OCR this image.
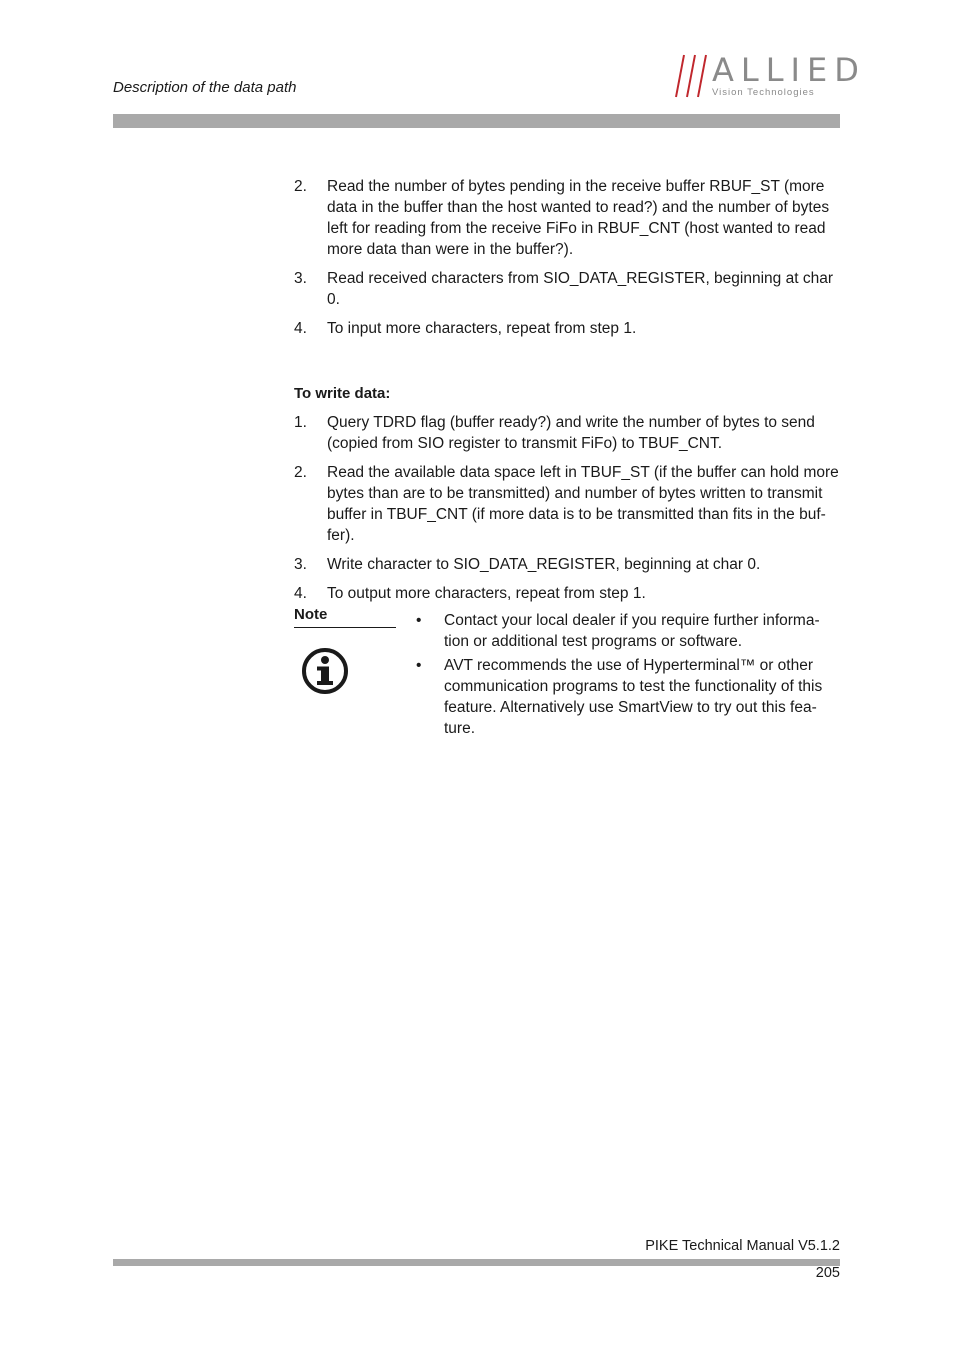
Description of the data path	ALLIED
Vision Technologies
2. Read the number of bytes pending in the receive buffer RBUF_ST (more data in the buffer than the host wanted to read?) and the number of bytes left for reading from the receive FiFo in RBUF_CNT (host wanted to read more data than were in the buffer?).
3. Read received characters from SIO_DATA_REGISTER, beginning at char 0.
4. To input more characters, repeat from step 1.
To write data:
1. Query TDRD flag (buffer ready?) and write the number of bytes to send (copied from SIO register to transmit FiFo) to TBUF_CNT.
2. Read the available data space left in TBUF_ST (if the buffer can hold more bytes than are to be transmitted) and number of bytes written to transmit buffer in TBUF_CNT (if more data is to be transmitted than fits in the buf-fer).
3. Write character to SIO_DATA_REGISTER, beginning at char 0.
4. To output more characters, repeat from step 1.
Note	• Contact your local dealer if you require further informa-tion or additional test programs or software.
• AVT recommends the use of Hyperterminal™ or other communication programs to test the functionality of this feature. Alternatively use SmartView to try out this fea-ture.
PIKE Technical Manual V5.1.2
205
